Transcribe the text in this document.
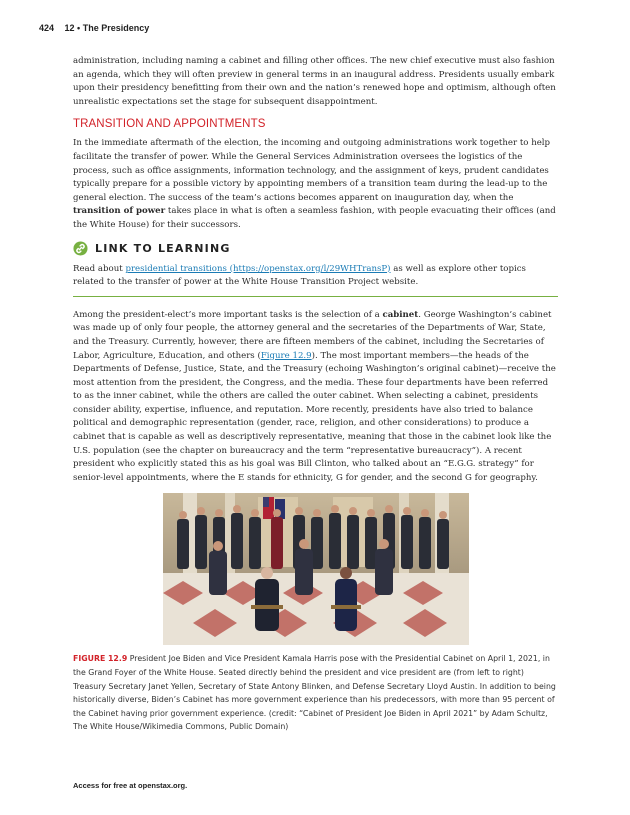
424 12 • The Presidency

administration, including naming a cabinet and filling other offices. The new chief executive must also fashion an agenda, which they will often preview in general terms in an inaugural address. Presidents usually embark upon their presidency benefitting from their own and the nation’s renewed hope and optimism, although often unrealistic expectations set the stage for subsequent disappointment.

TRANSITION AND APPOINTMENTS

In the immediate aftermath of the election, the incoming and outgoing administrations work together to help facilitate the transfer of power. While the General Services Administration oversees the logistics of the process, such as office assignments, information technology, and the assignment of keys, prudent candidates typically prepare for a possible victory by appointing members of a transition team during the lead-up to the general election. The success of the team’s actions becomes apparent on inauguration day, when the transition of power takes place in what is often a seamless fashion, with people evacuating their offices (and the White House) for their successors.

LINK TO LEARNING

Read about presidential transitions (https://openstax.org/l/29WHTransP) as well as explore other topics related to the transfer of power at the White House Transition Project website.

Among the president-elect’s more important tasks is the selection of a cabinet. George Washington’s cabinet was made up of only four people, the attorney general and the secretaries of the Departments of War, State, and the Treasury. Currently, however, there are fifteen members of the cabinet, including the Secretaries of Labor, Agriculture, Education, and others (Figure 12.9). The most important members—the heads of the Departments of Defense, Justice, State, and the Treasury (echoing Washington’s original cabinet)—receive the most attention from the president, the Congress, and the media. These four departments have been referred to as the inner cabinet, while the others are called the outer cabinet. When selecting a cabinet, presidents consider ability, expertise, influence, and reputation. More recently, presidents have also tried to balance political and demographic representation (gender, race, religion, and other considerations) to produce a cabinet that is capable as well as descriptively representative, meaning that those in the cabinet look like the U.S. population (see the chapter on bureaucracy and the term “representative bureaucracy”). A recent president who explicitly stated this as his goal was Bill Clinton, who talked about an “E.G.G. strategy” for senior-level appointments, where the E stands for ethnicity, G for gender, and the second G for geography.

FIGURE 12.9 President Joe Biden and Vice President Kamala Harris pose with the Presidential Cabinet on April 1, 2021, in the Grand Foyer of the White House. Seated directly behind the president and vice president are (from left to right) Treasury Secretary Janet Yellen, Secretary of State Antony Blinken, and Defense Secretary Lloyd Austin. In addition to being historically diverse, Biden’s Cabinet has more government experience than his predecessors, with more than 95 percent of the Cabinet having prior government experience. (credit: “Cabinet of President Joe Biden in April 2021” by Adam Schultz, The White House/Wikimedia Commons, Public Domain)

Access for free at openstax.org.
